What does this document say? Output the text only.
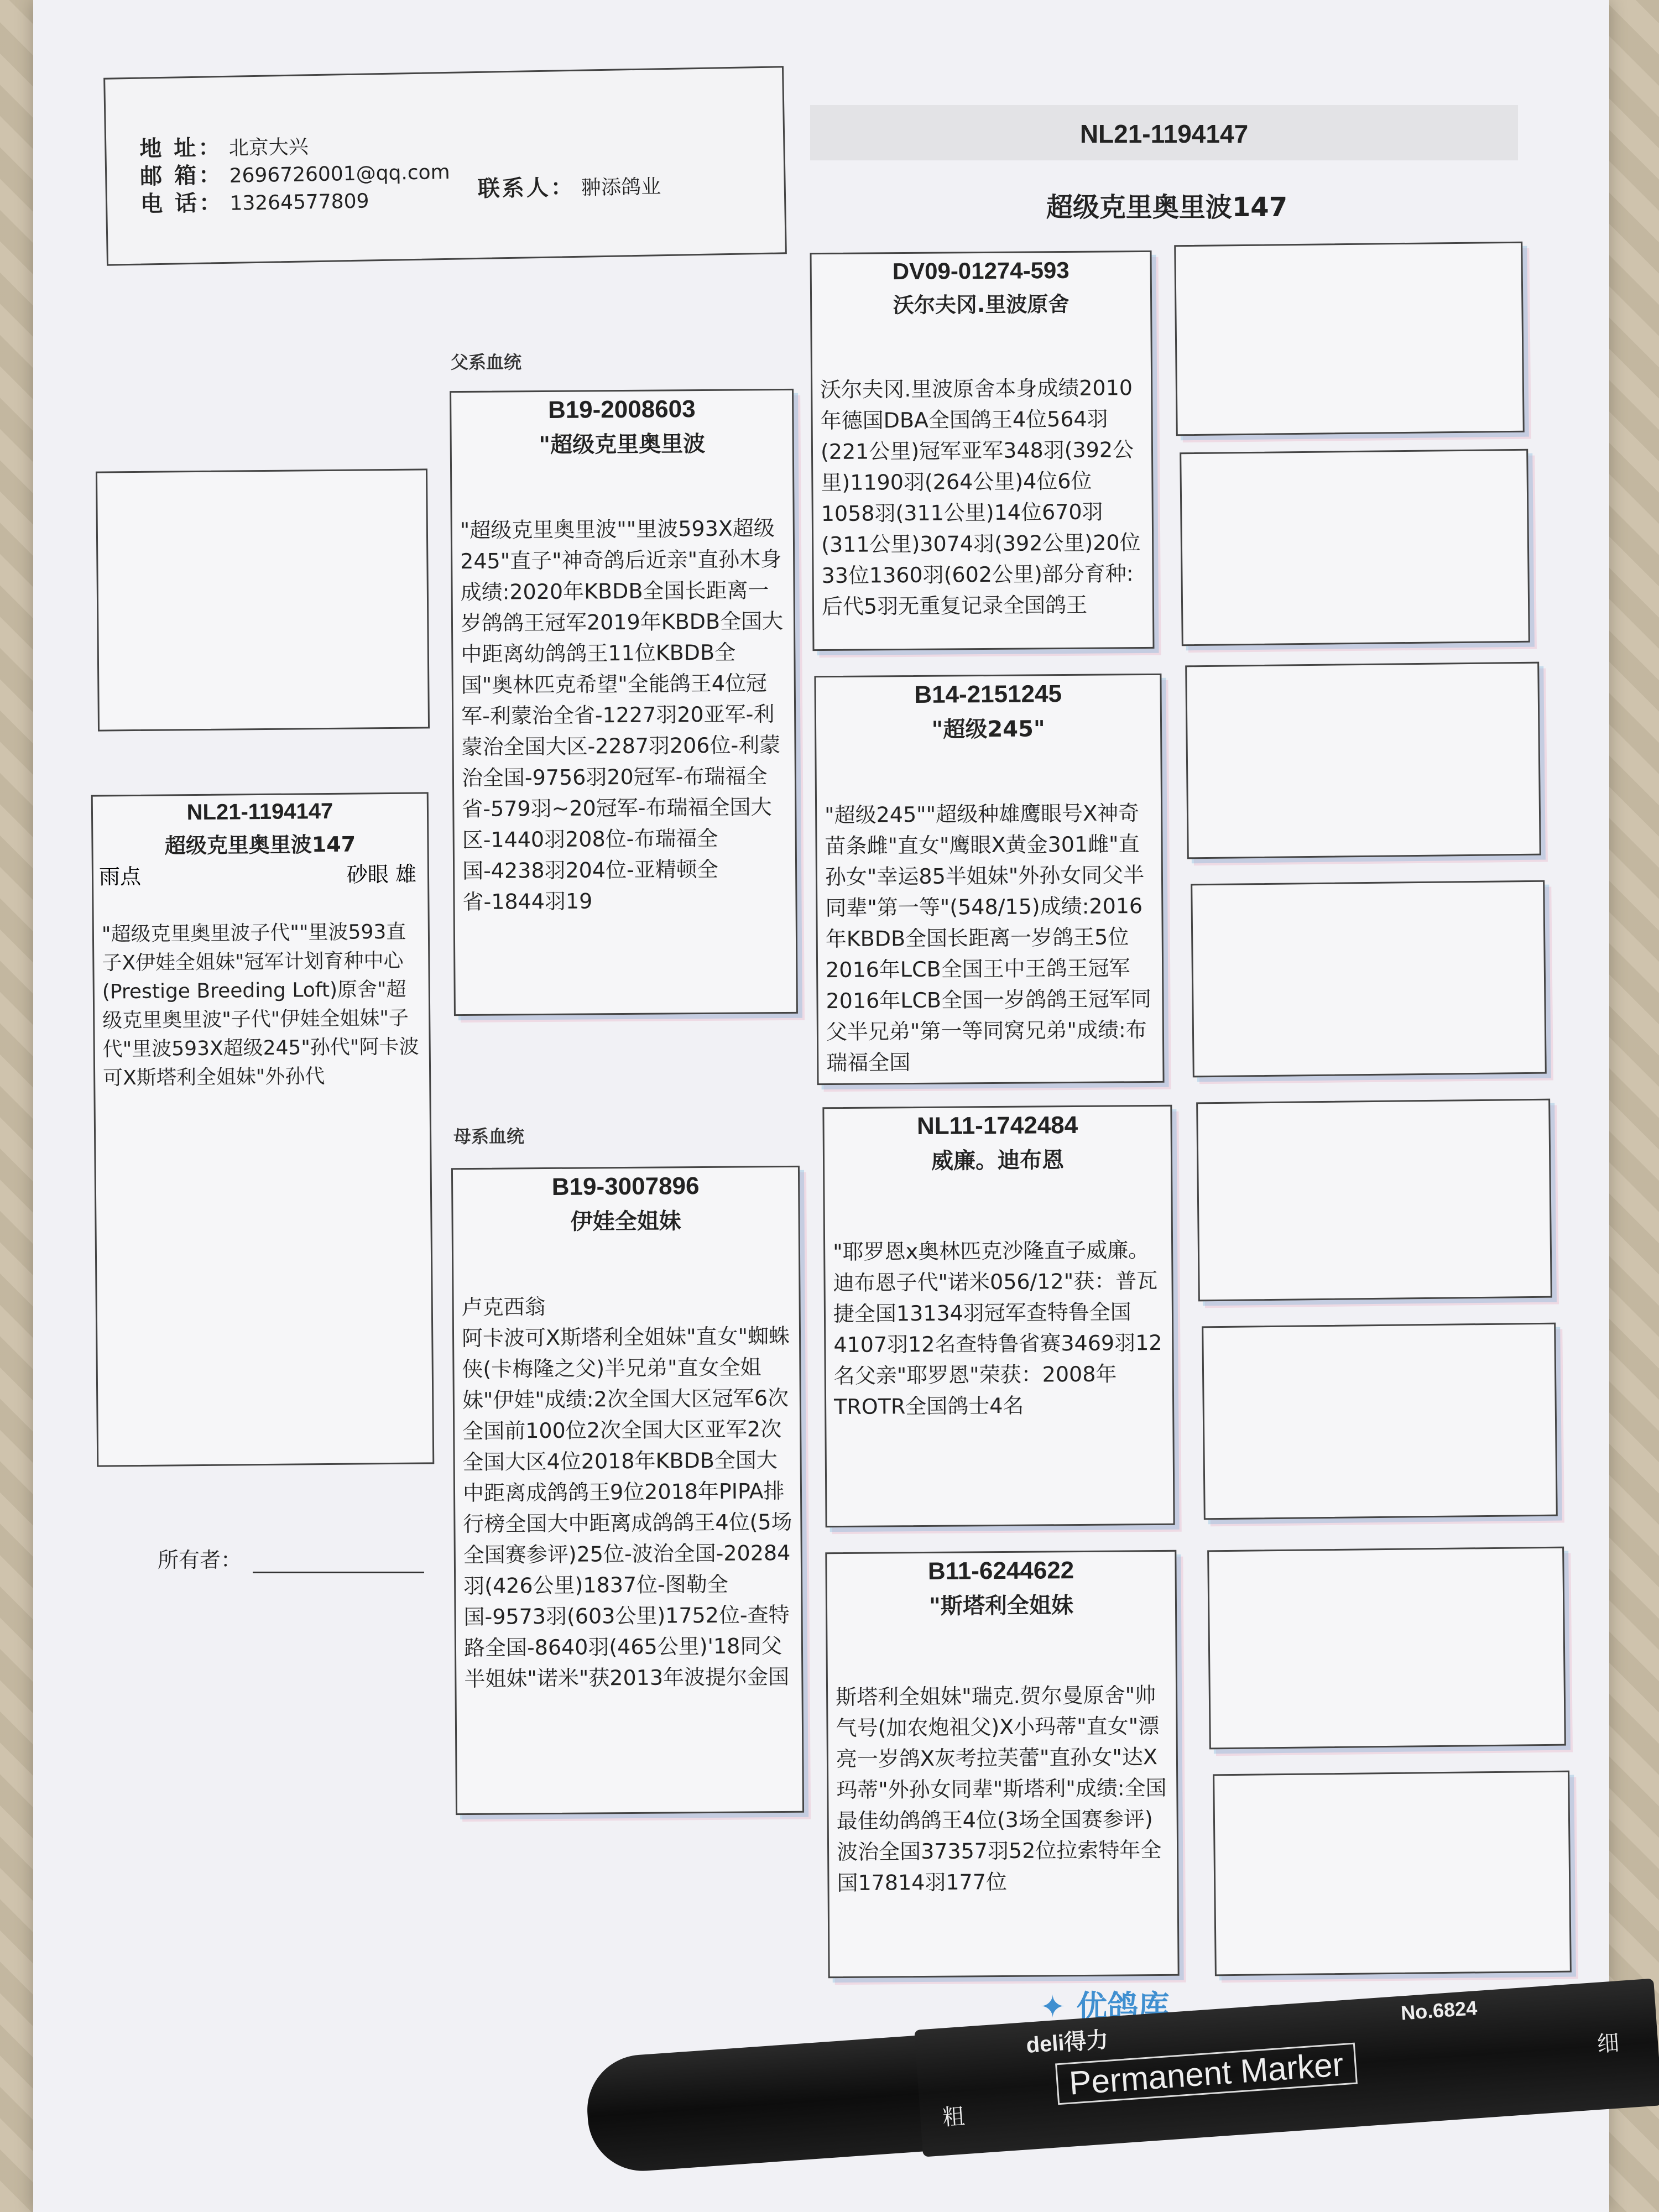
地 址： 北京大兴
邮 箱： 2696726001@qq.com
电 话： 13264577809
联系人： 翀添鸽业
NL21-1194147
超级克里奥里波147
父系血统
母系血统
NL21-1194147
超级克里奥里波147
雨点	砂眼 雄
"超级克里奥里波子代""里波593直子X伊娃全姐妹"冠军计划育种中心(Prestige Breeding Loft)原舍"超级克里奥里波"子代"伊娃全姐妹"子代"里波593X超级245"孙代"阿卡波可X斯塔利全姐妹"外孙代
所有者：
B19-2008603
"超级克里奥里波
"超级克里奥里波""里波593X超级245"直子"神奇鸽后近亲"直孙木身成绩:2020年KBDB全国长距离一岁鸽鸽王冠军2019年KBDB全国大中距离幼鸽鸽王11位KBDB全国"奥林匹克希望"全能鸽王4位冠军-利蒙治全省-1227羽20亚军-利蒙治全国大区-2287羽206位-利蒙治全国-9756羽20冠军-布瑞福全省-579羽~20冠军-布瑞福全国大区-1440羽208位-布瑞福全国-4238羽204位-亚精顿全省-1844羽19
B19-3007896
伊娃全姐妹
卢克西翁
阿卡波可X斯塔利全姐妹"直女"蜘蛛侠(卡梅隆之父)半兄弟"直女全姐妹"伊娃"成绩:2次全国大区冠军6次全国前100位2次全国大区亚军2次全国大区4位2018年KBDB全国大中距离成鸽鸽王9位2018年PIPA排行榜全国大中距离成鸽鸽王4位(5场全国赛参评)25位-波治全国-20284羽(426公里)1837位-图勒全国-9573羽(603公里)1752位-查特路全国-8640羽(465公里)'18同父半姐妹"诺米"获2013年波提尔金国
DV09-01274-593
沃尔夫冈.里波原舍
沃尔夫冈.里波原舍本身成绩2010年德国DBA全国鸽王4位564羽(221公里)冠军亚军348羽(392公里)1190羽(264公里)4位6位1058羽(311公里)14位670羽(311公里)3074羽(392公里)20位33位1360羽(602公里)部分育种:后代5羽无重复记录全国鸽王
B14-2151245
"超级245"
"超级245""超级种雄鹰眼号X神奇苗条雌"直女"鹰眼X黄金301雌"直孙女"幸运85半姐妹"外孙女同父半同辈"第一等"(548/15)成绩:2016年KBDB全国长距离一岁鸽王5位2016年LCB全国王中王鸽王冠军2016年LCB全国一岁鸽鸽王冠军同父半兄弟"第一等同窝兄弟"成绩:布瑞福全国
NL11-1742484
威廉。迪布恩
"耶罗恩x奥林匹克沙隆直子威廉。迪布恩子代"诺米056/12"获：普瓦捷全国13134羽冠军查特鲁全国4107羽12名查特鲁省赛3469羽12名父亲"耶罗恩"荣获：2008年TROTR全国鸽士4名
B11-6244622
"斯塔利全姐妹
斯塔利全姐妹"瑞克.贺尔曼原舍"帅气号(加农炮祖父)X小玛蒂"直女"漂亮一岁鸽X灰考拉芙蕾"直孙女"达X玛蒂"外孙女同辈"斯塔利"成绩:全国最佳幼鸽鸽王4位(3场全国赛参评)波治全国37357羽52位拉索特年全国17814羽177位
✦ 优鸽库
deli得力
No.6824
Permanent Marker
粗
细
